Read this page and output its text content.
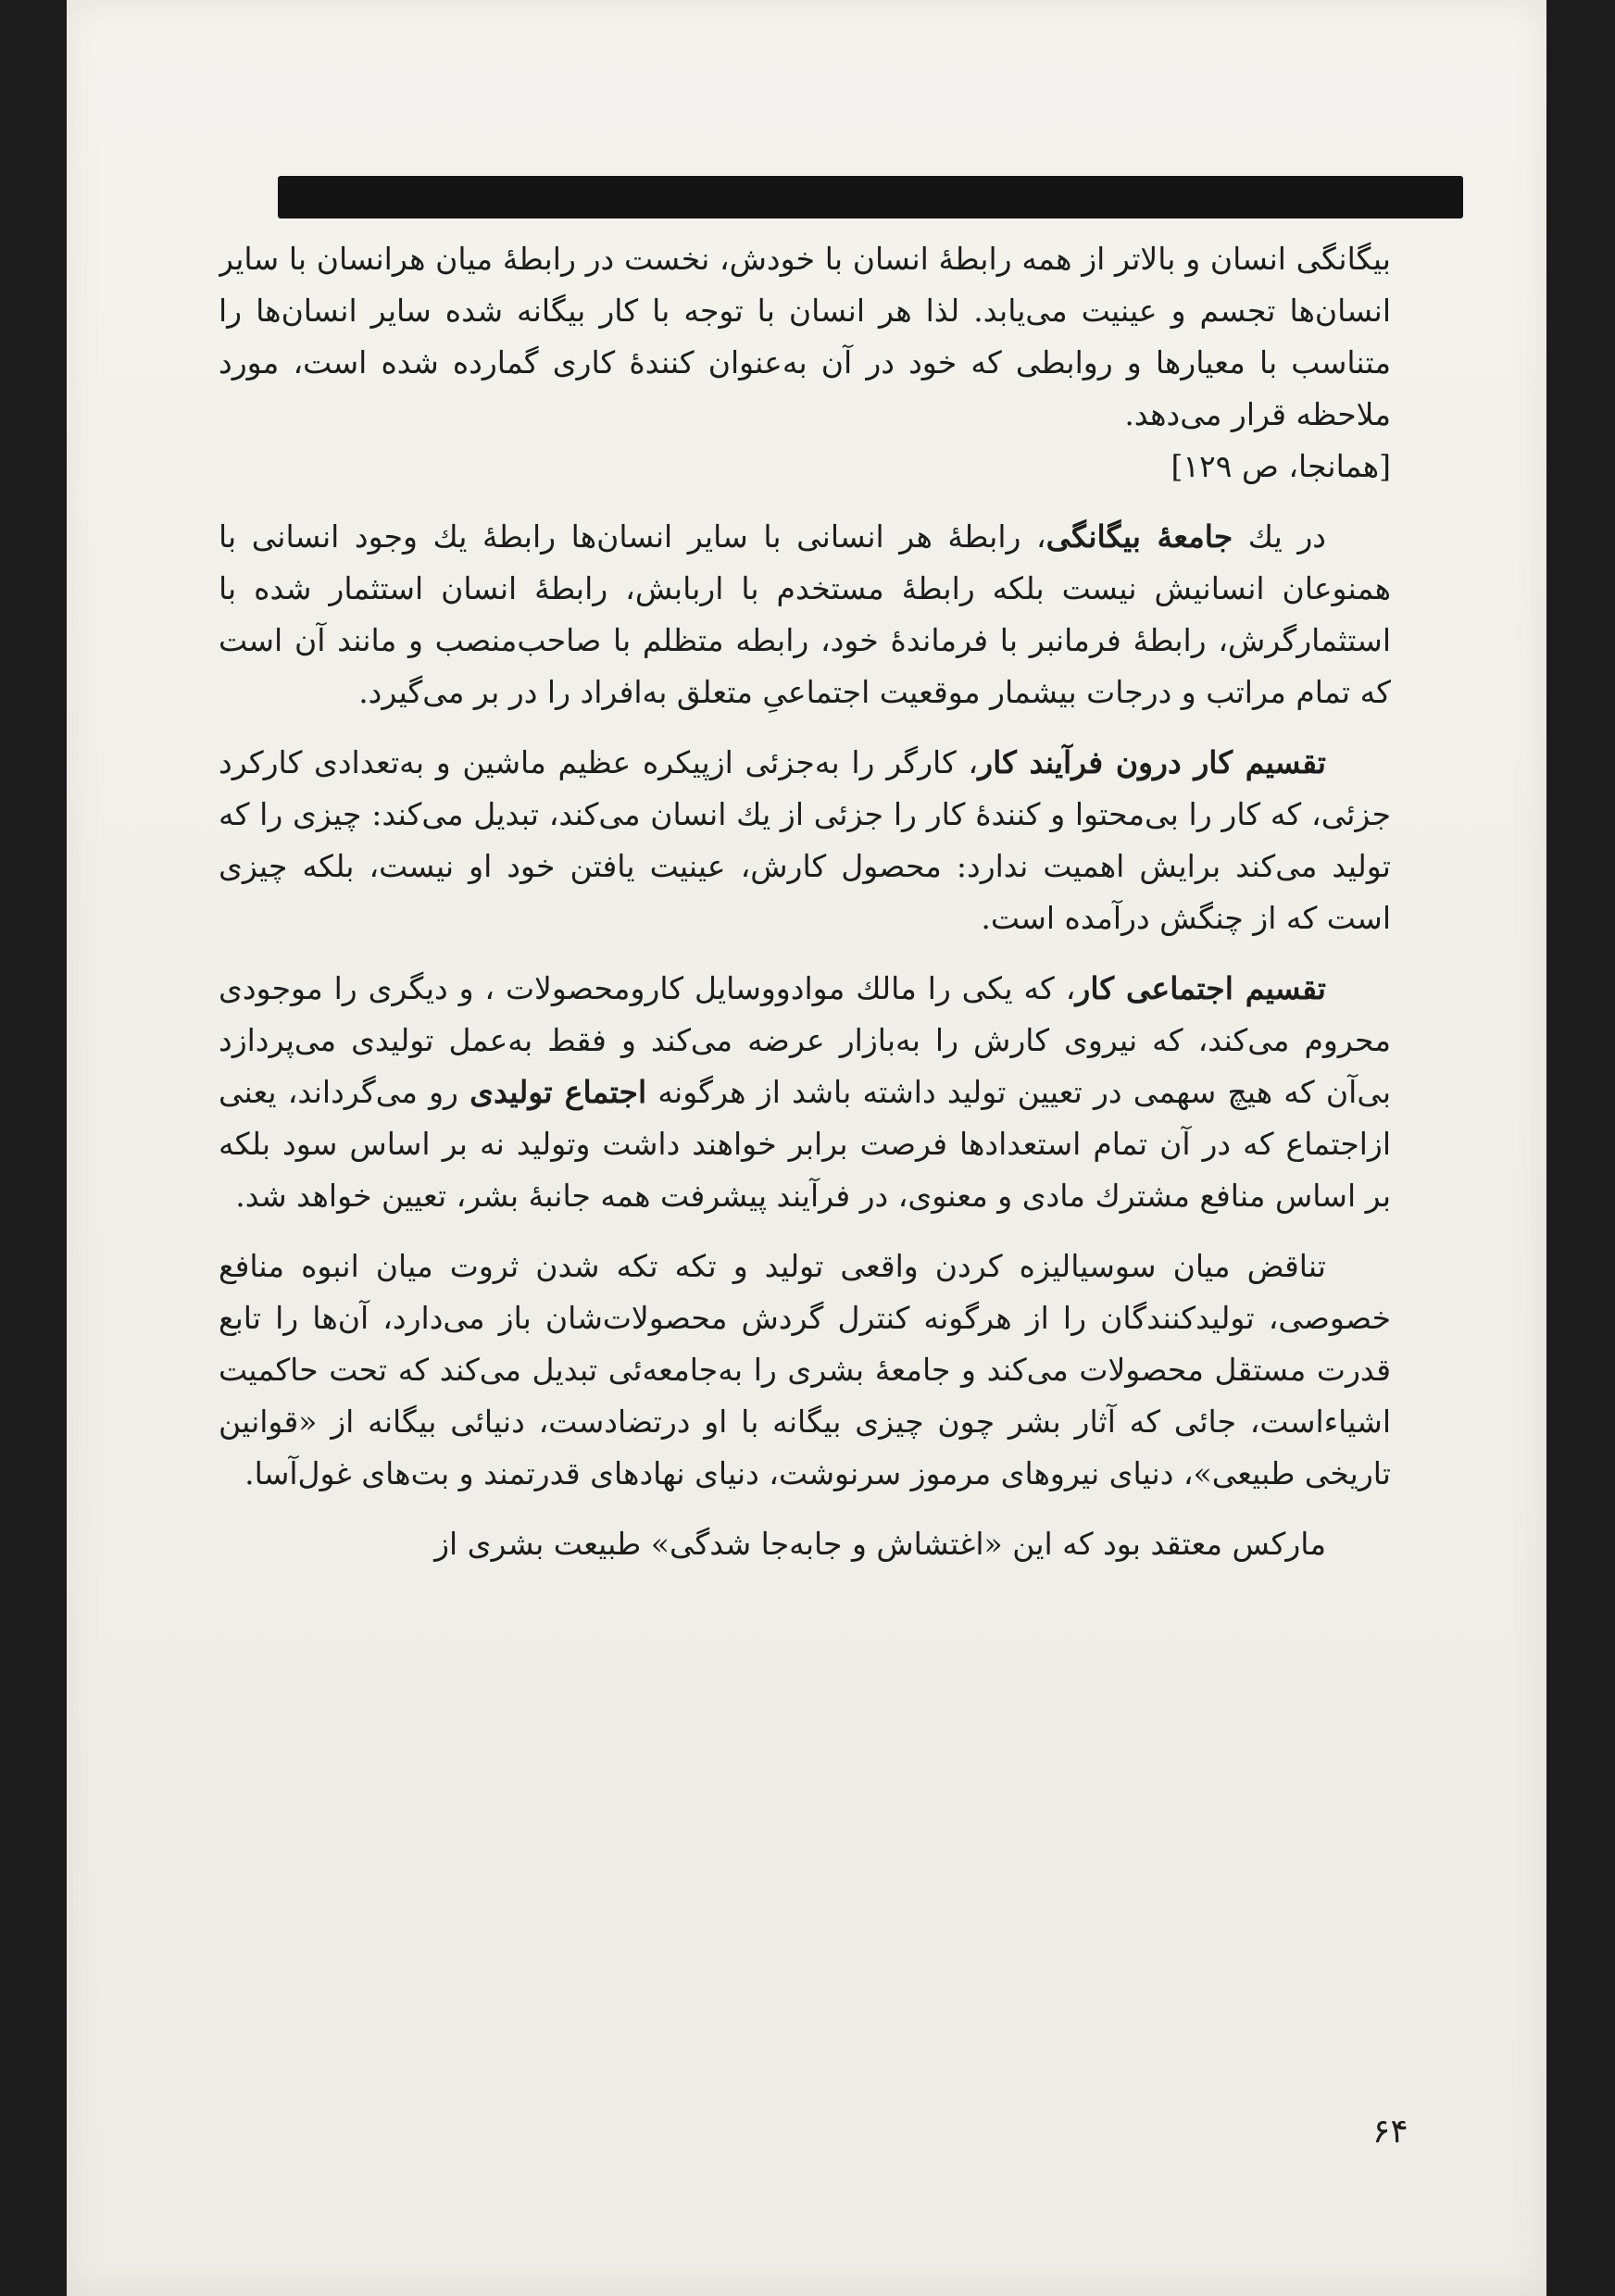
بیگانگی انسان و بالاتر از همه رابطهٔ انسان با خودش، نخست در رابطهٔ میان هرانسان با سایر انسان‌ها تجسم و عینیت می‌یابد. لذا هر انسان با توجه با کار بیگانه شده سایر انسان‌ها را متناسب با معیارها و روابطی که خود در آن به‌عنوان کنندهٔ کاری گمارده شده است، مورد ملاحظه قرار می‌دهد.
[همانجا، ص ۱۲۹]

در یك جامعهٔ بیگانگی، رابطهٔ هر انسانی با سایر انسان‌ها رابطهٔ یك وجود انسانی با همنوعان انسانیش نیست بلکه رابطهٔ مستخدم با اربابش، رابطهٔ انسان استثمار شده با استثمارگرش، رابطهٔ فرمانبر با فرماندهٔ خود، رابطه متظلم با صاحب‌منصب و مانند آن است که تمام مراتب و درجات بیشمار موقعیت اجتماعیِ متعلق به‌افراد را در بر می‌گیرد.

تقسیم کار درون فرآیند کار، کارگر را به‌جزئی ازپیکره عظیم ماشین و به‌تعدادی کارکرد جزئی، که کار را بی‌محتوا و کنندهٔ کار را جزئی از یك انسان می‌کند، تبدیل می‌کند: چیزی را که تولید می‌کند برایش اهمیت ندارد: محصول کارش، عینیت یافتن خود او نیست، بلکه چیزی است که از چنگش درآمده است.

تقسیم اجتماعی کار، که یکی را مالك موادووسایل کارومحصولات ، و دیگری را موجودی محروم می‌کند، که نیروی کارش را به‌بازار عرضه می‌کند و فقط به‌عمل تولیدی می‌پردازد بی‌آن که هیچ سهمی در تعیین تولید داشته باشد از هرگونه اجتماع تولیدی رو می‌گرداند، یعنی ازاجتماع که در آن تمام استعدادها فرصت برابر خواهند داشت وتولید نه بر اساس سود بلکه بر اساس منافع مشترك مادی و معنوی، در فرآیند پیشرفت همه جانبهٔ بشر، تعیین خواهد شد.

تناقض میان سوسیالیزه کردن واقعی تولید و تکه تکه شدن ثروت میان انبوه منافع خصوصی، تولیدکنندگان را از هرگونه کنترل گردش محصولات‌شان باز می‌دارد، آن‌ها را تابع قدرت مستقل محصولات می‌کند و جامعهٔ بشری را به‌جامعه‌ئی تبدیل می‌کند که تحت حاکمیت اشیاءاست، جائی که آثار بشر چون چیزی بیگانه با او درتضادست، دنیائی بیگانه از «قوانین تاریخی طبیعی»، دنیای نیروهای مرموز سرنوشت، دنیای نهادهای قدرتمند و بت‌های غول‌آسا.

مارکس معتقد بود که این «اغتشاش و جابه‌جا شدگی» طبیعت بشری از

۶۴
